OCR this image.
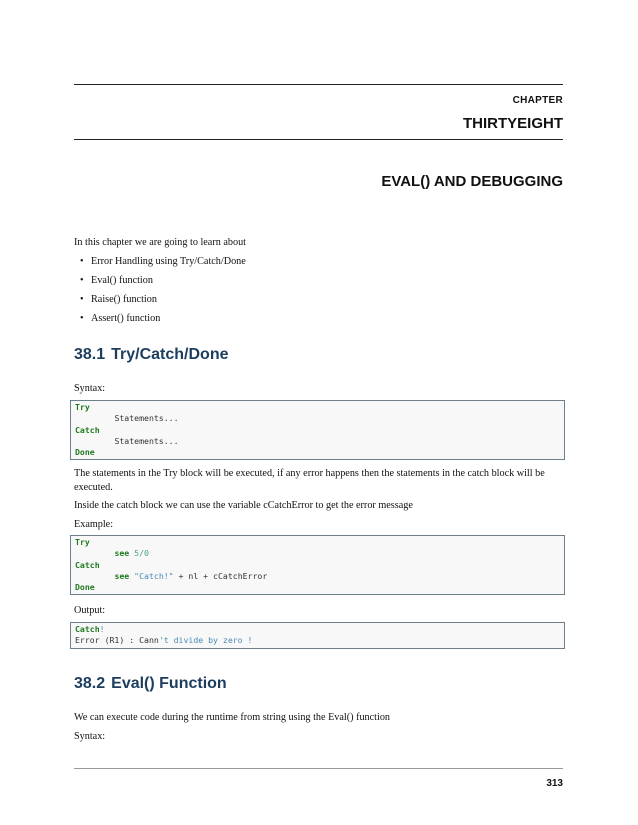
CHAPTER
THIRTYEIGHT
EVAL() AND DEBUGGING
In this chapter we are going to learn about
• Error Handling using Try/Catch/Done
• Eval() function
• Raise() function
• Assert() function
38.1 Try/Catch/Done
Syntax:
Try
Statements...
Catch
Statements...
Done
The statements in the Try block will be executed, if any error happens then the statements in the catch block will be executed.
Inside the catch block we can use the variable cCatchError to get the error message
Example:
Try
see 5/0
Catch
see "Catch!" + nl + cCatchError
Done
Output:
Catch!
Error (R1) : Cann't divide by zero !
38.2 Eval() Function
We can execute code during the runtime from string using the Eval() function
Syntax:
313
